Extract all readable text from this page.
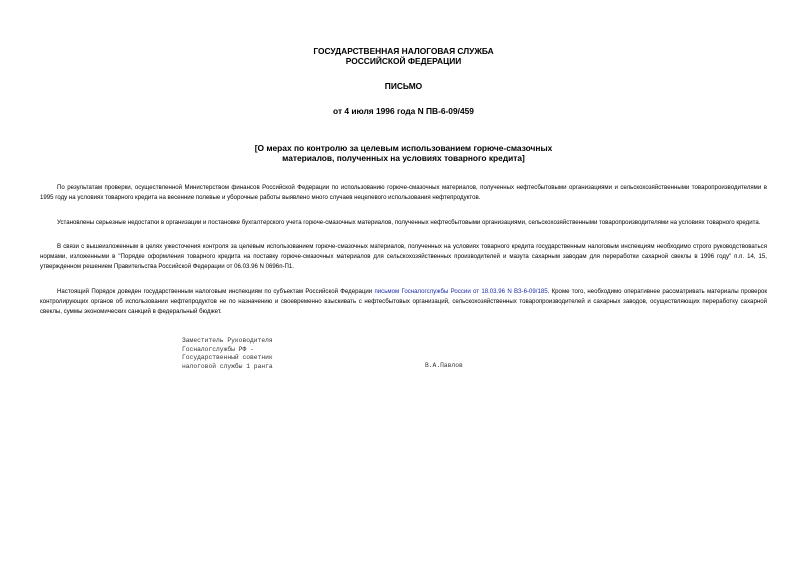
ГОСУДАРСТВЕННАЯ НАЛОГОВАЯ СЛУЖБА
РОССИЙСКОЙ ФЕДЕРАЦИИ
ПИСЬМО
от 4 июля 1996 года N ПВ-6-09/459
[О мерах по контролю за целевым использованием горюче-смазочных
материалов, полученных на условиях товарного кредита]

По результатам проверки, осуществленной Министерством финансов Российской Федерации по использованию горюче-смазочных материалов, полученных нефтесбытовыми организациями и сельскохозяйственными товаропроизводителями в 1995 году на условиях товарного кредита на весенние полевые и уборочные работы выявлено много случаев нецелевого использования нефтепродуктов.

Установлены серьезные недостатки в организации и постановке бухгалтерского учета горюче-смазочных материалов, полученных нефтесбытовыми организациями, сельскохозяйственными товаропроизводителями на условиях товарного кредита.

В связи с вышеизложенным в целях ужесточения контроля за целевым использованием горюче-смазочных материалов, полученных на условиях товарного кредита государственным налоговым инспекциям необходимо строго руководствоваться нормами, изложенными в "Порядке оформления товарного кредита на поставку горюче-смазочных материалов для сельскохозяйственных производителей и мазута сахарным заводам для переработки сахарной свеклы в 1996 году" п.п. 14, 15, утвержденном решением Правительства Российской Федерации от 06.03.96 N 0696п-П1.

Настоящий Порядок доведен государственным налоговым инспекциям по субъектам Российской Федерации письмом Госналогслужбы России от 18.03.96 N ВЗ-6-09/185. Кроме того, необходимо оперативнее рассматривать материалы проверок контролирующих органов об использовании нефтепродуктов не по назначению и своевременно взыскивать с нефтесбытовых организаций, сельскохозяйственных товаропроизводителей и сахарных заводов, осуществляющих переработку сахарной свеклы, суммы экономических санкций в федеральный бюджет.

Заместитель Руководителя
Госналогслужбы РФ -
Государственный советник
налоговой службы 1 ранга	В.А.Павлов
